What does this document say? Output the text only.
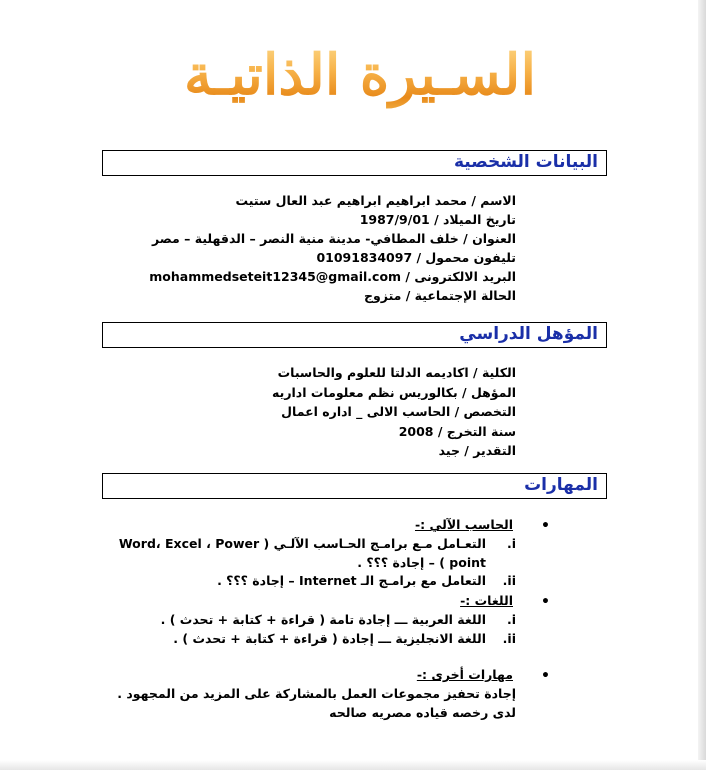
السـيرة الذاتيـة
البيانات الشخصية
الاسم / محمد ابراهيم ابراهيم عبد العال ستيت
تاريخ الميلاد / 1987/9/01
العنوان / خلف المطافي- مدينة منية النصر – الدقهلية – مصر
تليفون محمول / 01091834097
البريد الالكترونى / mohammedseteit12345@gmail.com
الحالة الإجتماعية / متزوج
المؤهل الدراسي
الكلية / اكاديمه الدلتا للعلوم والحاسبات
المؤهل / بكالوريس نظم معلومات اداريه
التخصص / الحاسب الالى _ اداره اعمال
سنة التخرج / 2008
التقدير / جيد
المهارات
•
الحاسب الآلي :-
i.
التعـامل مـع برامـج الحـاسب الآلـي ( Word، Excel ، Power
point ) – إجادة ؟؟؟ .
ii.
التعامل مع برامـج الـ Internet – إجادة ؟؟؟ .
•
اللغات :-
i.
اللغة العربية ـــ إجادة تامة ( قراءة + كتابة + تحدث ) .
ii.
اللغة الانجليزية ـــ إجادة ( قراءة + كتابة + تحدث ) .
•
مهارات أخرى :-
إجادة تحفيز مجموعات العمل بالمشاركة على المزيد من المجهود .
لدى رخصه قياده مصريه صالحه
